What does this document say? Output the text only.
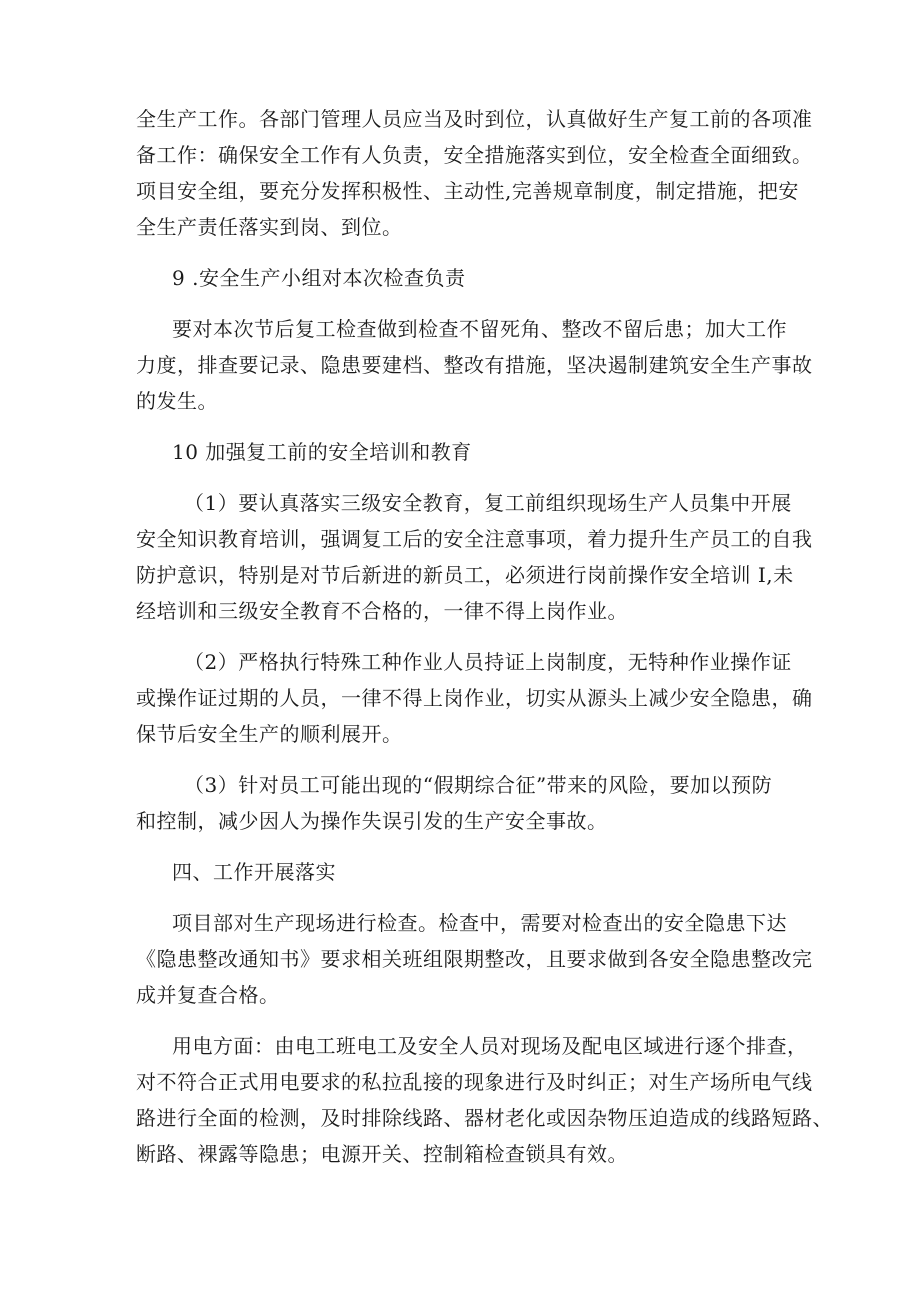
全生产工作。各部门管理人员应当及时到位，认真做好生产复工前的各项准
备工作：确保安全工作有人负责，安全措施落实到位，安全检查全面细致。
项目安全组，要充分发挥积极性、主动性,完善规章制度，制定措施，把安
全生产责任落实到岗、到位。
9 .安全生产小组对本次检查负责
要对本次节后复工检查做到检查不留死角、整改不留后患；加大工作
力度，排查要记录、隐患要建档、整改有措施，坚决遏制建筑安全生产事故
的发生。
10 加强复工前的安全培训和教育
（1）要认真落实三级安全教育，复工前组织现场生产人员集中开展
安全知识教育培训，强调复工后的安全注意事项，着力提升生产员工的自我
防护意识，特别是对节后新进的新员工，必须进行岗前操作安全培训 I,未
经培训和三级安全教育不合格的，一律不得上岗作业。
（2）严格执行特殊工种作业人员持证上岗制度，无特种作业操作证
或操作证过期的人员，一律不得上岗作业，切实从源头上减少安全隐患，确
保节后安全生产的顺利展开。
（3）针对员工可能出现的“假期综合征”带来的风险，要加以预防
和控制，减少因人为操作失误引发的生产安全事故。
四、工作开展落实
项目部对生产现场进行检查。检查中，需要对检查出的安全隐患下达
《隐患整改通知书》要求相关班组限期整改，且要求做到各安全隐患整改完
成并复查合格。
用电方面：由电工班电工及安全人员对现场及配电区域进行逐个排查，
对不符合正式用电要求的私拉乱接的现象进行及时纠正；对生产场所电气线
路进行全面的检测，及时排除线路、器材老化或因杂物压迫造成的线路短路、
断路、裸露等隐患；电源开关、控制箱检查锁具有效。
